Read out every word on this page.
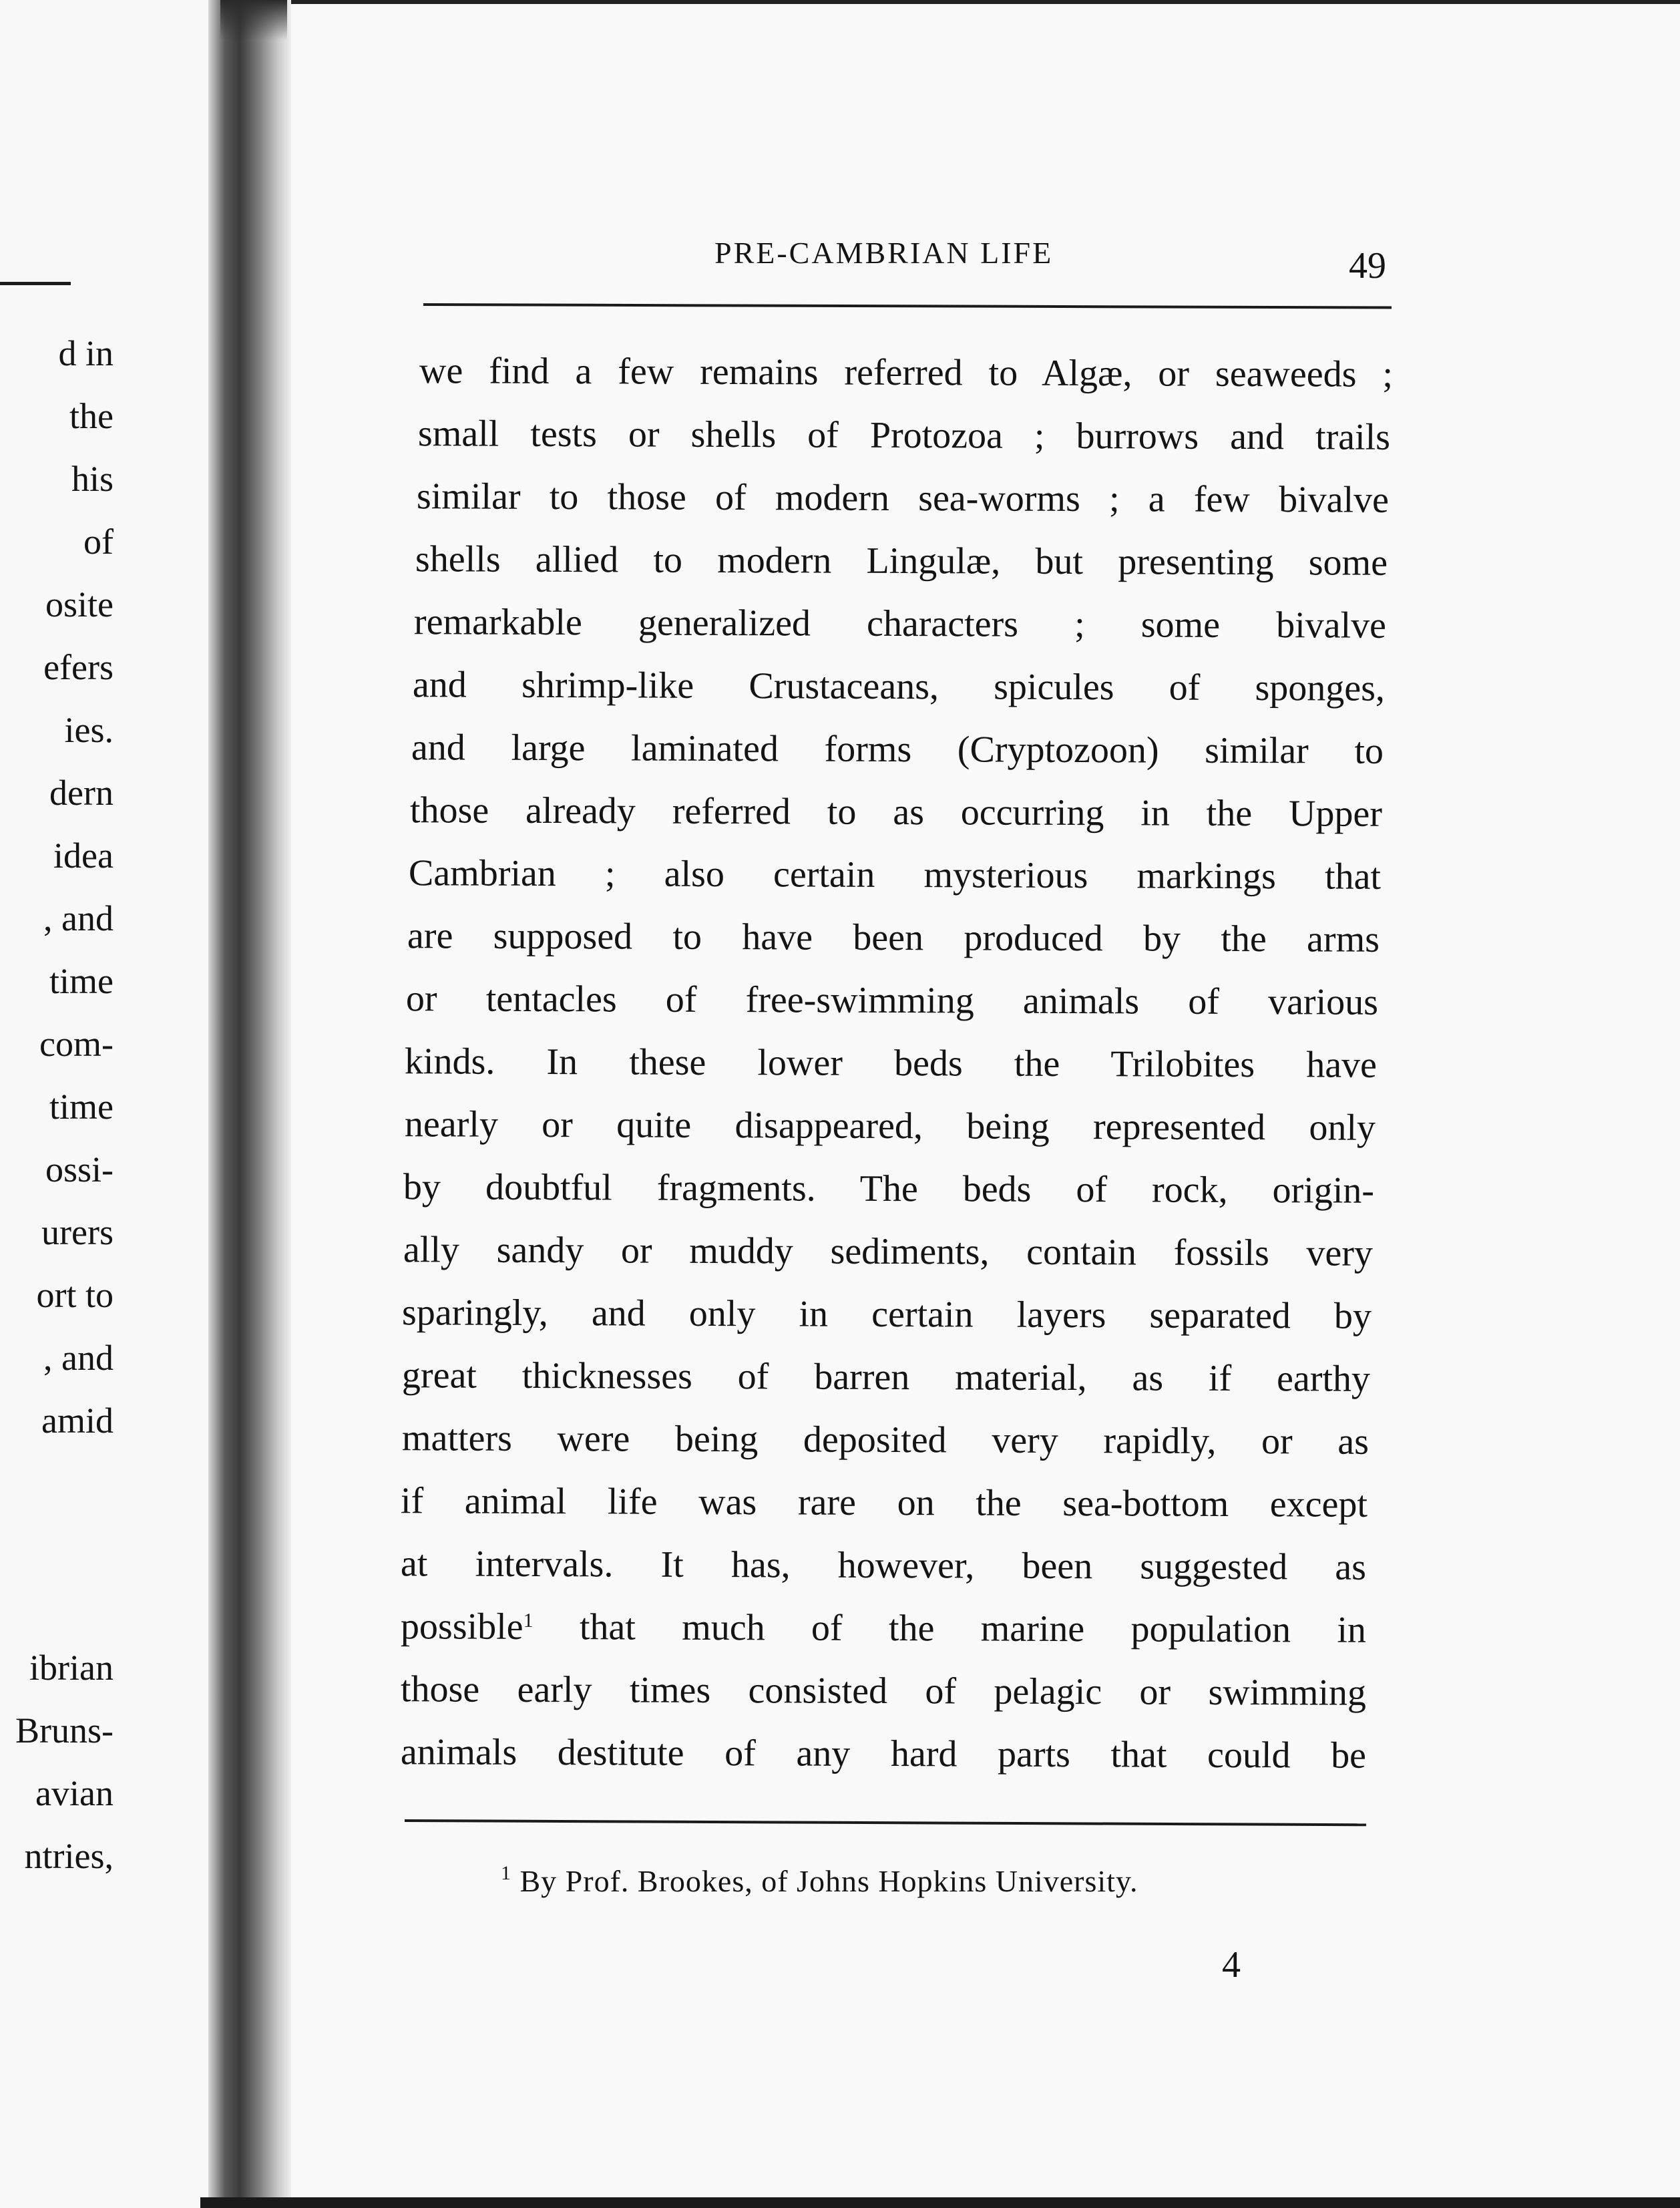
d in
the
his
of
osite
efers
ies.
dern
idea
, and
time
com-
time
ossi-
urers
ort to
, and
amid
ibrian
Bruns-
avian
ntries,
PRE-CAMBRIAN LIFE	49
we find a few remains referred to Algæ, or seaweeds ;
small tests or shells of Protozoa ; burrows and trails
similar to those of modern sea-worms ; a few bivalve
shells allied to modern Lingulæ, but presenting some
remarkable generalized characters ; some bivalve
and shrimp-like Crustaceans, spicules of sponges,
and large laminated forms (Cryptozoon) similar to
those already referred to as occurring in the Upper
Cambrian ; also certain mysterious markings that
are supposed to have been produced by the arms
or tentacles of free-swimming animals of various
kinds. In these lower beds the Trilobites have
nearly or quite disappeared, being represented only
by doubtful fragments. The beds of rock, origin-
ally sandy or muddy sediments, contain fossils very
sparingly, and only in certain layers separated by
great thicknesses of barren material, as if earthy
matters were being deposited very rapidly, or as
if animal life was rare on the sea-bottom except
at intervals. It has, however, been suggested as
possible$^1$ that much of the marine population in
those early times consisted of pelagic or swimming
animals destitute of any hard parts that could be
$^1$ By Prof. Brookes, of Johns Hopkins University.
4
